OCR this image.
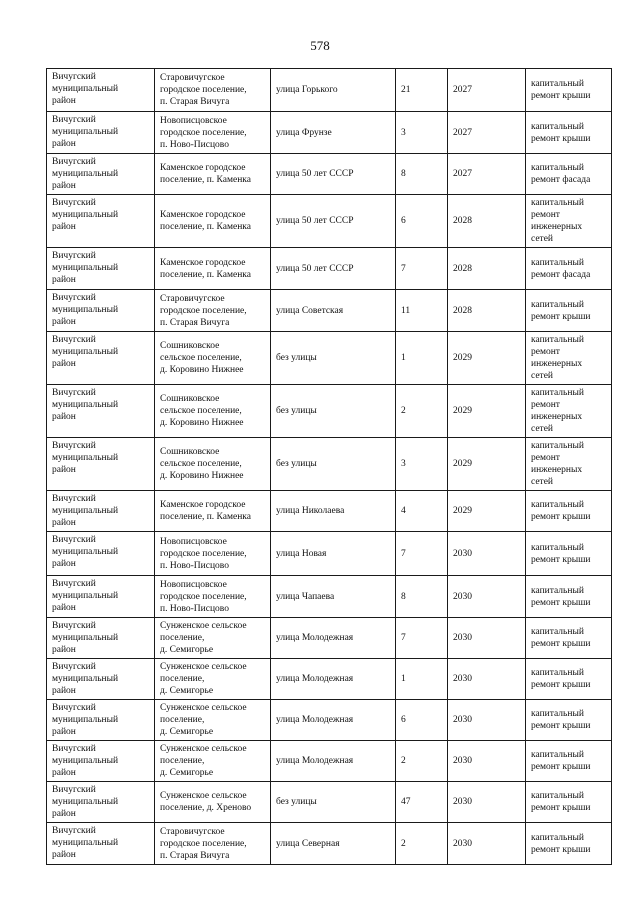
578
Вичугский
муниципальный
район	Старовичугское
городское поселение,
п. Старая Вичуга	улица Горького	21	2027	капитальный
ремонт крыши
Вичугский
муниципальный
район	Новописцовское
городское поселение,
п. Ново-Писцово	улица Фрунзе	3	2027	капитальный
ремонт крыши
Вичугский
муниципальный
район	Каменское городское
поселение, п. Каменка	улица 50 лет СССР	8	2027	капитальный
ремонт фасада
Вичугский
муниципальный
район	Каменское городское
поселение, п. Каменка	улица 50 лет СССР	6	2028	капитальный
ремонт
инженерных
сетей
Вичугский
муниципальный
район	Каменское городское
поселение, п. Каменка	улица 50 лет СССР	7	2028	капитальный
ремонт фасада
Вичугский
муниципальный
район	Старовичугское
городское поселение,
п. Старая Вичуга	улица Советская	11	2028	капитальный
ремонт крыши
Вичугский
муниципальный
район	Сошниковское
сельское поселение,
д. Коровино Нижнее	без улицы	1	2029	капитальный
ремонт
инженерных
сетей
Вичугский
муниципальный
район	Сошниковское
сельское поселение,
д. Коровино Нижнее	без улицы	2	2029	капитальный
ремонт
инженерных
сетей
Вичугский
муниципальный
район	Сошниковское
сельское поселение,
д. Коровино Нижнее	без улицы	3	2029	капитальный
ремонт
инженерных
сетей
Вичугский
муниципальный
район	Каменское городское
поселение, п. Каменка	улица Николаева	4	2029	капитальный
ремонт крыши
Вичугский
муниципальный
район	Новописцовское
городское поселение,
п. Ново-Писцово	улица Новая	7	2030	капитальный
ремонт крыши
Вичугский
муниципальный
район	Новописцовское
городское поселение,
п. Ново-Писцово	улица Чапаева	8	2030	капитальный
ремонт крыши
Вичугский
муниципальный
район	Сунженское сельское
поселение,
д. Семигорье	улица Молодежная	7	2030	капитальный
ремонт крыши
Вичугский
муниципальный
район	Сунженское сельское
поселение,
д. Семигорье	улица Молодежная	1	2030	капитальный
ремонт крыши
Вичугский
муниципальный
район	Сунженское сельское
поселение,
д. Семигорье	улица Молодежная	6	2030	капитальный
ремонт крыши
Вичугский
муниципальный
район	Сунженское сельское
поселение,
д. Семигорье	улица Молодежная	2	2030	капитальный
ремонт крыши
Вичугский
муниципальный
район	Сунженское сельское
поселение, д. Хреново	без улицы	47	2030	капитальный
ремонт крыши
Вичугский
муниципальный
район	Старовичугское
городское поселение,
п. Старая Вичуга	улица Северная	2	2030	капитальный
ремонт крыши
